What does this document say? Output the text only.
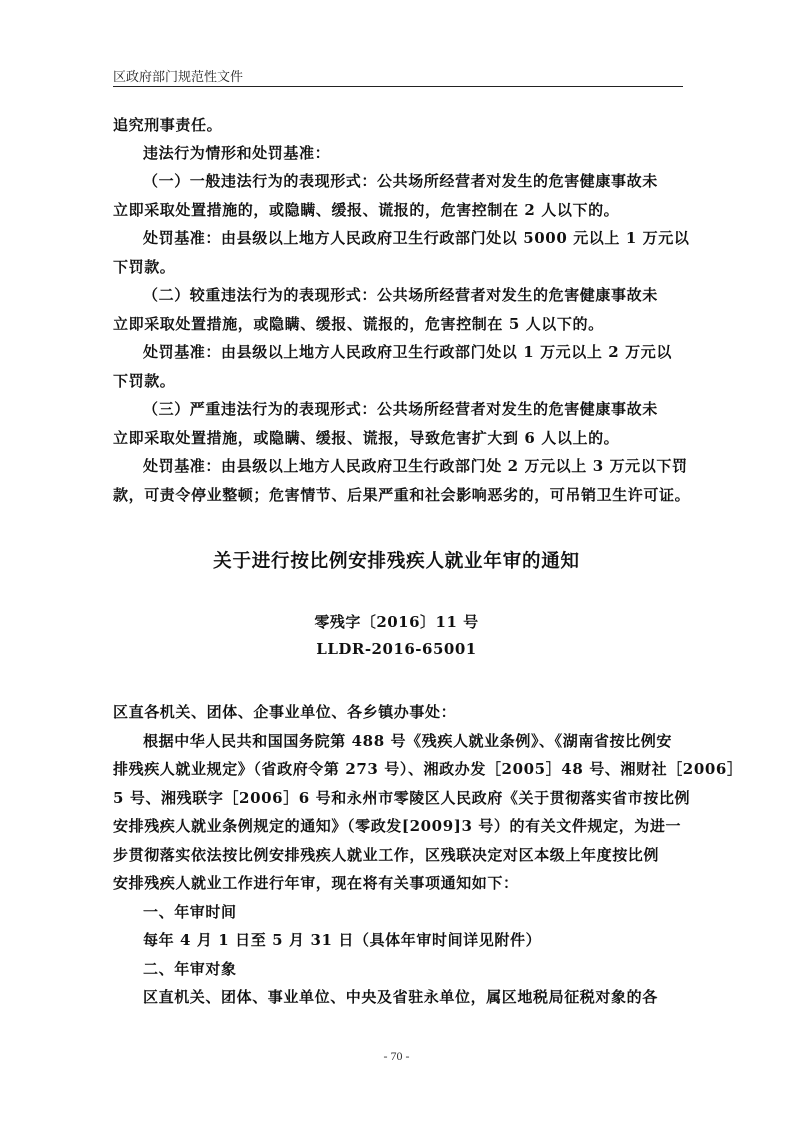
区政府部门规范性文件
追究刑事责任。
违法行为情形和处罚基准：
（一）一般违法行为的表现形式：公共场所经营者对发生的危害健康事故未
立即采取处置措施的，或隐瞒、缓报、谎报的，危害控制在 2 人以下的。
处罚基准：由县级以上地方人民政府卫生行政部门处以 5000 元以上 1 万元以
下罚款。
（二）较重违法行为的表现形式：公共场所经营者对发生的危害健康事故未
立即采取处置措施，或隐瞒、缓报、谎报的，危害控制在 5 人以下的。
处罚基准：由县级以上地方人民政府卫生行政部门处以 1 万元以上 2 万元以
下罚款。
（三）严重违法行为的表现形式：公共场所经营者对发生的危害健康事故未
立即采取处置措施，或隐瞒、缓报、谎报，导致危害扩大到 6 人以上的。
处罚基准：由县级以上地方人民政府卫生行政部门处 2 万元以上 3 万元以下罚
款，可责令停业整顿；危害情节、后果严重和社会影响恶劣的，可吊销卫生许可证。
关于进行按比例安排残疾人就业年审的通知
零残字〔2016〕11 号
LLDR-2016-65001
区直各机关、团体、企事业单位、各乡镇办事处：
根据中华人民共和国国务院第 488 号《残疾人就业条例》、《湖南省按比例安
排残疾人就业规定》（省政府令第 273 号）、湘政办发［2005］48 号、湘财社［2006］
5 号、湘残联字［2006］6 号和永州市零陵区人民政府《关于贯彻落实省市按比例
安排残疾人就业条例规定的通知》（零政发[2009]3 号）的有关文件规定，为进一
步贯彻落实依法按比例安排残疾人就业工作，区残联决定对区本级上年度按比例
安排残疾人就业工作进行年审，现在将有关事项通知如下：
一、年审时间
每年 4 月 1 日至 5 月 31 日（具体年审时间详见附件）
二、年审对象
区直机关、团体、事业单位、中央及省驻永单位，属区地税局征税对象的各
- 70 -
